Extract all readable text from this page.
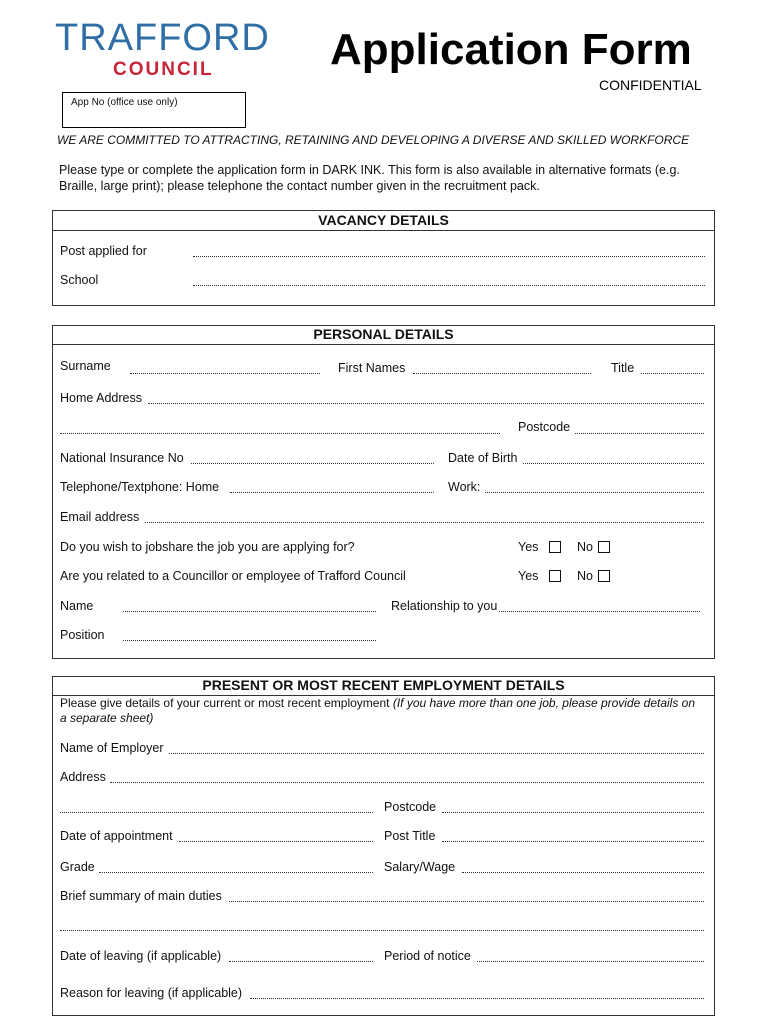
TRAFFORD
COUNCIL	Application Form
CONFIDENTIAL
App No (office use only)
WE ARE COMMITTED TO ATTRACTING, RETAINING AND DEVELOPING A DIVERSE AND SKILLED WORKFORCE
Please type or complete the application form in DARK INK. This form is also available in alternative formats (e.g. Braille, large print); please telephone the contact number given in the recruitment pack.
VACANCY DETAILS
Post applied for
School
PERSONAL DETAILS
Surname	First Names	Title
Home Address
Postcode
National Insurance No	Date of Birth
Telephone/Textphone: Home	Work:
Email address
Do you wish to jobshare the job you are applying for?	Yes	No
Are you related to a Councillor or employee of Trafford Council	Yes	No
Name	Relationship to you
Position
PRESENT OR MOST RECENT EMPLOYMENT DETAILS
Please give details of your current or most recent employment (If you have more than one job, please provide details on a separate sheet)
Name of Employer
Address
Postcode
Date of appointment	Post Title
Grade	Salary/Wage
Brief summary of main duties
Date of leaving (if applicable)	Period of notice
Reason for leaving (if applicable)
